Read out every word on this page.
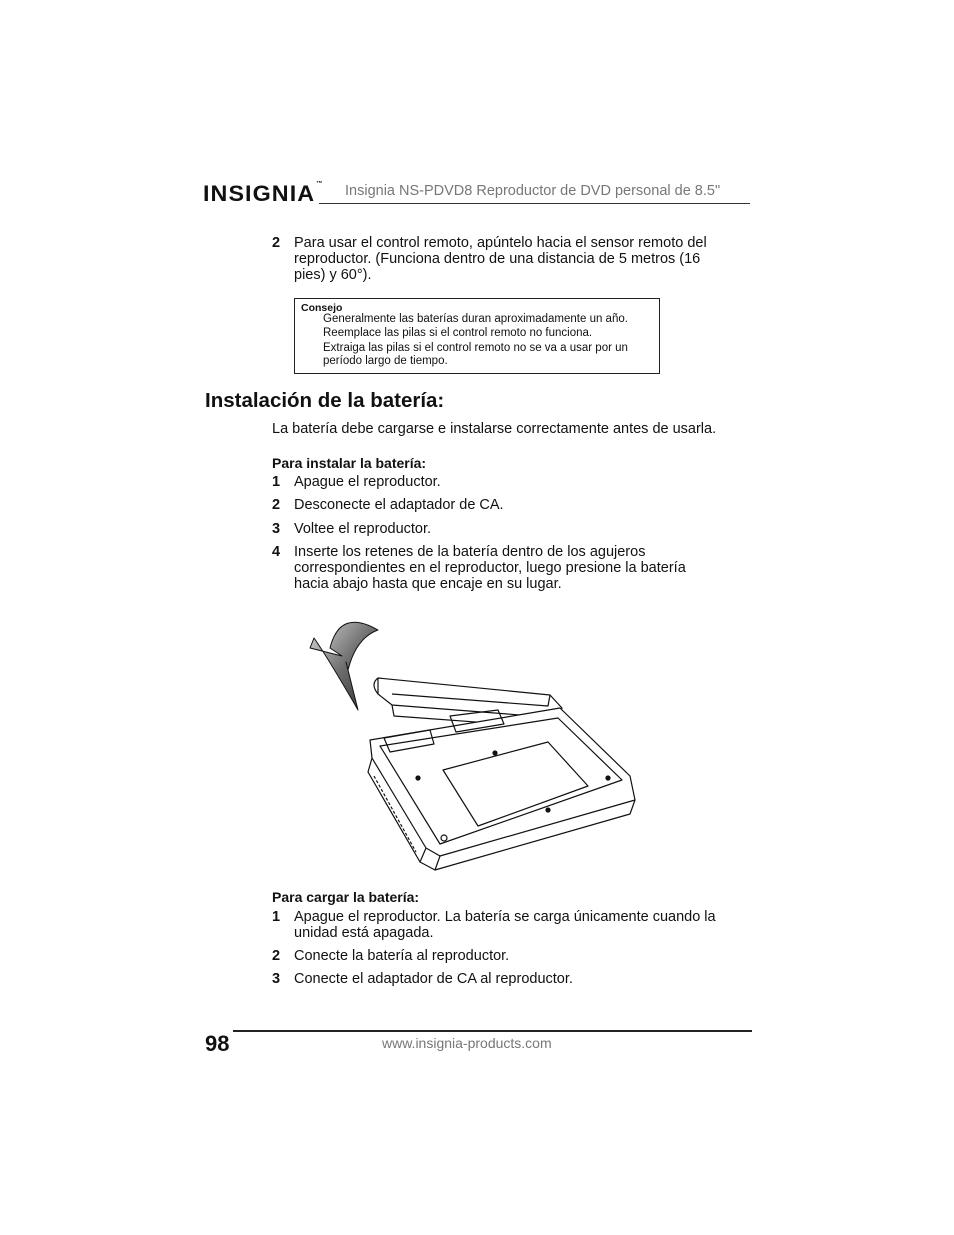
INSIGNIA™ Insignia NS-PDVD8 Reproductor de DVD personal de 8.5"
2 Para usar el control remoto, apúntelo hacia el sensor remoto del
reproductor. (Funciona dentro de una distancia de 5 metros (16
pies) y 60°).
Consejo
Generalmente las baterías duran aproximadamente un año.
Reemplace las pilas si el control remoto no funciona.
Extraiga las pilas si el control remoto no se va a usar por un
período largo de tiempo.
Instalación de la batería:
La batería debe cargarse e instalarse correctamente antes de usarla.
Para instalar la batería:
1 Apague el reproductor.
2 Desconecte el adaptador de CA.
3 Voltee el reproductor.
4 Inserte los retenes de la batería dentro de los agujeros
correspondientes en el reproductor, luego presione la batería
hacia abajo hasta que encaje en su lugar.
Para cargar la batería:
1 Apague el reproductor. La batería se carga únicamente cuando la
unidad está apagada.
2 Conecte la batería al reproductor.
3 Conecte el adaptador de CA al reproductor.
98	www.insignia-products.com
